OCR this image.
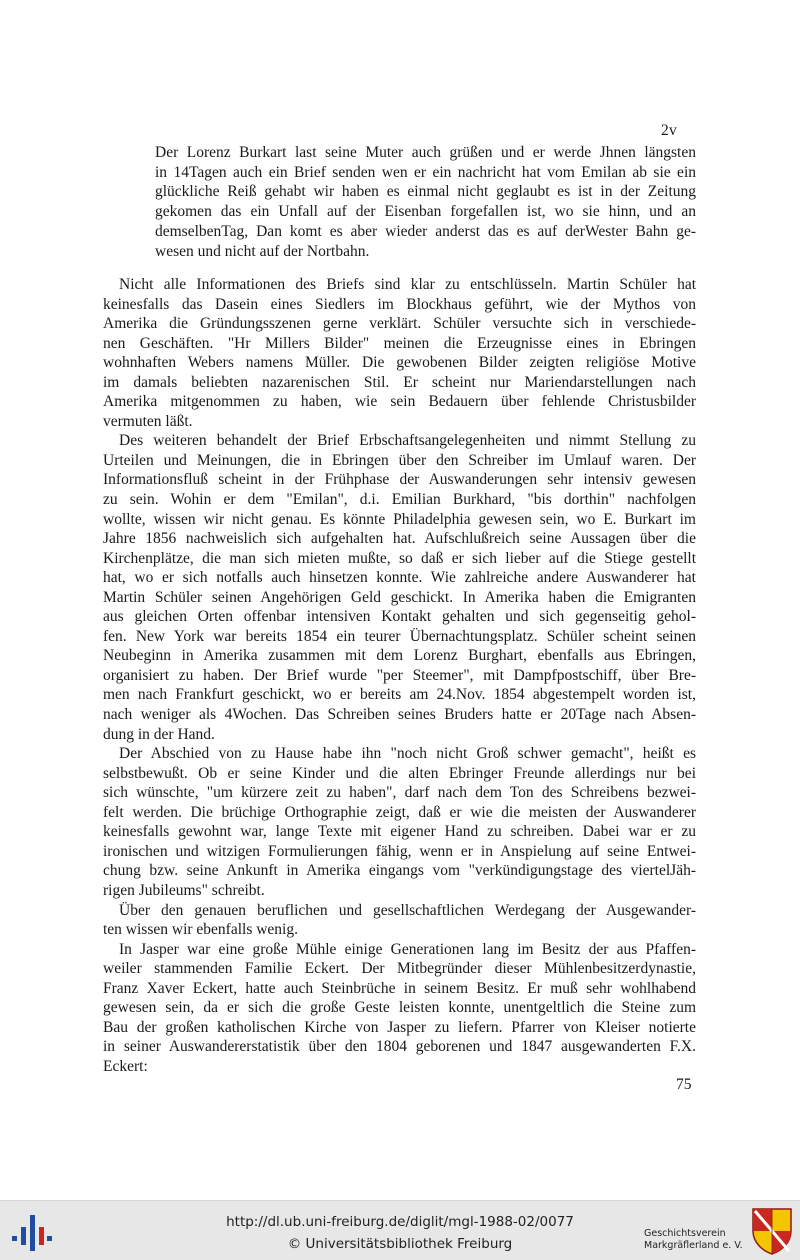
2v
Der Lorenz Burkart last seine Muter auch grüßen und er werde Jhnen längsten
in 14Tagen auch ein Brief senden wen er ein nachricht hat vom Emilan ab sie ein
glückliche Reiß gehabt wir haben es einmal nicht geglaubt es ist in der Zeitung
gekomen das ein Unfall auf der Eisenban forgefallen ist, wo sie hinn, und an
demselbenTag, Dan komt es aber wieder anderst das es auf derWester Bahn ge-
wesen und nicht auf der Nortbahn.
Nicht alle Informationen des Briefs sind klar zu entschlüsseln. Martin Schüler hat
keinesfalls das Dasein eines Siedlers im Blockhaus geführt, wie der Mythos von
Amerika die Gründungsszenen gerne verklärt. Schüler versuchte sich in verschiede-
nen Geschäften. "Hr Millers Bilder" meinen die Erzeugnisse eines in Ebringen
wohnhaften Webers namens Müller. Die gewobenen Bilder zeigten religiöse Motive
im damals beliebten nazarenischen Stil. Er scheint nur Mariendarstellungen nach
Amerika mitgenommen zu haben, wie sein Bedauern über fehlende Christusbilder
vermuten läßt.
Des weiteren behandelt der Brief Erbschaftsangelegenheiten und nimmt Stellung zu
Urteilen und Meinungen, die in Ebringen über den Schreiber im Umlauf waren. Der
Informationsfluß scheint in der Frühphase der Auswanderungen sehr intensiv gewesen
zu sein. Wohin er dem "Emilan", d.i. Emilian Burkhard, "bis dorthin" nachfolgen
wollte, wissen wir nicht genau. Es könnte Philadelphia gewesen sein, wo E. Burkart im
Jahre 1856 nachweislich sich aufgehalten hat. Aufschlußreich seine Aussagen über die
Kirchenplätze, die man sich mieten mußte, so daß er sich lieber auf die Stiege gestellt
hat, wo er sich notfalls auch hinsetzen konnte. Wie zahlreiche andere Auswanderer hat
Martin Schüler seinen Angehörigen Geld geschickt. In Amerika haben die Emigranten
aus gleichen Orten offenbar intensiven Kontakt gehalten und sich gegenseitig gehol-
fen. New York war bereits 1854 ein teurer Übernachtungsplatz. Schüler scheint seinen
Neubeginn in Amerika zusammen mit dem Lorenz Burghart, ebenfalls aus Ebringen,
organisiert zu haben. Der Brief wurde "per Steemer", mit Dampfpostschiff, über Bre-
men nach Frankfurt geschickt, wo er bereits am 24.Nov. 1854 abgestempelt worden ist,
nach weniger als 4Wochen. Das Schreiben seines Bruders hatte er 20Tage nach Absen-
dung in der Hand.
Der Abschied von zu Hause habe ihn "noch nicht Groß schwer gemacht", heißt es
selbstbewußt. Ob er seine Kinder und die alten Ebringer Freunde allerdings nur bei
sich wünschte, "um kürzere zeit zu haben", darf nach dem Ton des Schreibens bezwei-
felt werden. Die brüchige Orthographie zeigt, daß er wie die meisten der Auswanderer
keinesfalls gewohnt war, lange Texte mit eigener Hand zu schreiben. Dabei war er zu
ironischen und witzigen Formulierungen fähig, wenn er in Anspielung auf seine Entwei-
chung bzw. seine Ankunft in Amerika eingangs vom "verkündigungstage des viertelJäh-
rigen Jubileums" schreibt.
Über den genauen beruflichen und gesellschaftlichen Werdegang der Ausgewander-
ten wissen wir ebenfalls wenig.
In Jasper war eine große Mühle einige Generationen lang im Besitz der aus Pfaffen-
weiler stammenden Familie Eckert. Der Mitbegründer dieser Mühlenbesitzerdynastie,
Franz Xaver Eckert, hatte auch Steinbrüche in seinem Besitz. Er muß sehr wohlhabend
gewesen sein, da er sich die große Geste leisten konnte, unentgeltlich die Steine zum
Bau der großen katholischen Kirche von Jasper zu liefern. Pfarrer von Kleiser notierte
in seiner Auswandererstatistik über den 1804 geborenen und 1847 ausgewanderten F.X.
Eckert:
75
http://dl.ub.uni-freiburg.de/diglit/mgl-1988-02/0077
© Universitätsbibliothek Freiburg
Geschichtsverein
Markgräflerland e. V.
